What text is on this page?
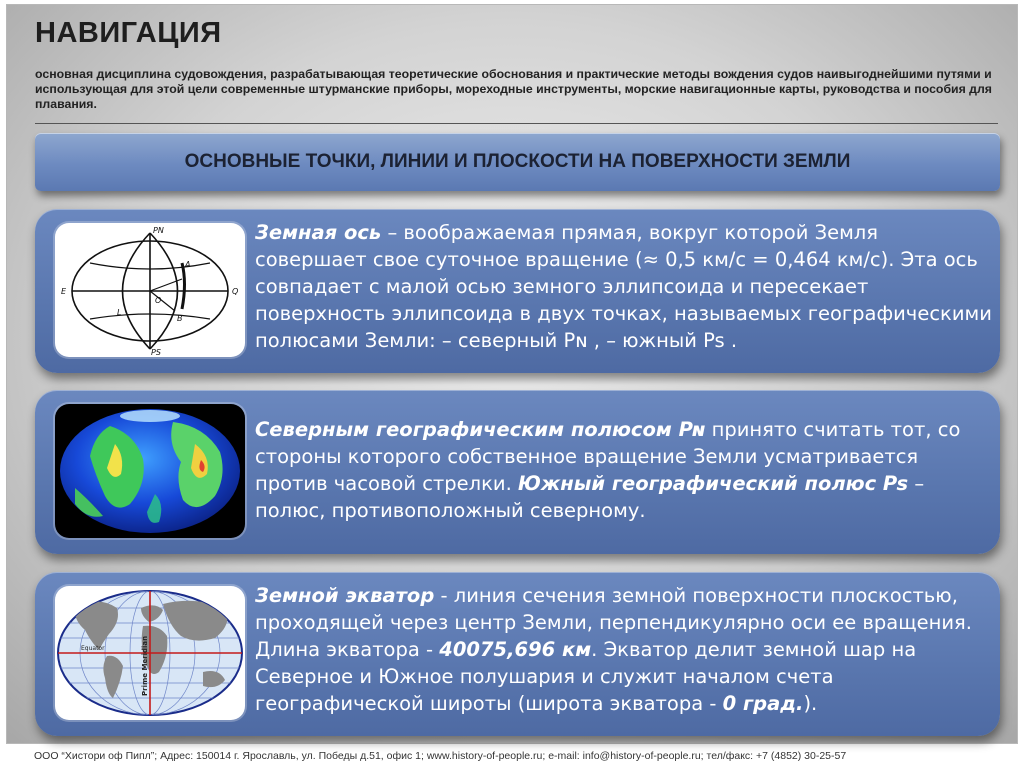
НАВИГАЦИЯ
основная дисциплина судовождения, разрабатывающая теоретические обоснования и практические методы вождения судов наивыгоднейшими путями и использующая для этой цели современные штурманские приборы, мореходные инструменты, морские навигационные карты, руководства и пособия для плавания.
ОСНОВНЫЕ ТОЧКИ, ЛИНИИ И ПЛОСКОСТИ НА ПОВЕРХНОСТИ ЗЕМЛИ
PN
PS
E	Q
L
B
O
A
Земная ось – воображаемая прямая, вокруг которой Земля совершает свое суточное вращение (≈ 0,5 км/с = 0,464 км/с). Эта ось совпадает с малой осью земного эллипсоида и пересекает поверхность эллипсоида в двух точках, называемых географическими полюсами Земли: – северный Pɴ , – южный Ps .
Северным географическим полюсом Pɴ принято считать тот, со стороны которого собственное вращение Земли усматривается против часовой стрелки. Южный географический полюс Ps – полюс, противоположный северному.
Equator	Prime Meridian
Земной экватор - линия сечения земной поверхности плоскостью, проходящей через центр Земли, перпендикулярно оси ее вращения. Длина экватора - 40075,696 км. Экватор делит земной шар на Северное и Южное полушария и служит началом счета географической широты (широта экватора - 0 град.).
ООО “Хистори оф Пипл”; Адрес: 150014 г. Ярославль, ул. Победы д.51, офис 1; www.history-of-people.ru; e-mail: info@history-of-people.ru; тел/факс: +7 (4852) 30-25-57
